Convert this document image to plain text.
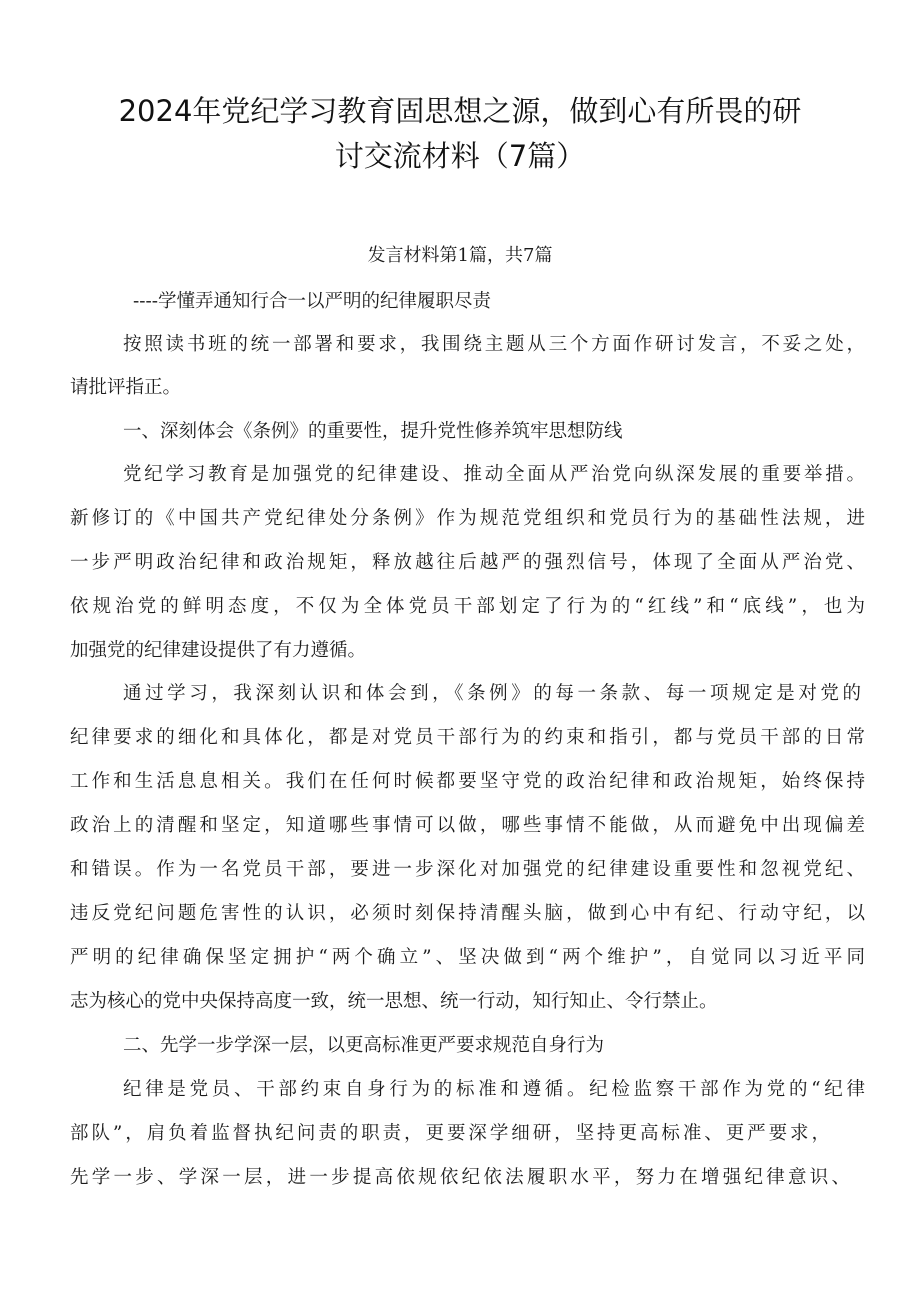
2024年党纪学习教育固思想之源，做到心有所畏的研
讨交流材料（7篇）
发言材料第1篇，共7篇
----学懂弄通知行合一以严明的纪律履职尽责
按照读书班的统一部署和要求，我围绕主题从三个方面作研讨发言，不妥之处，
请批评指正。
一、深刻体会《条例》的重要性，提升党性修养筑牢思想防线
党纪学习教育是加强党的纪律建设、推动全面从严治党向纵深发展的重要举措。
新修订的《中国共产党纪律处分条例》作为规范党组织和党员行为的基础性法规，进
一步严明政治纪律和政治规矩，释放越往后越严的强烈信号，体现了全面从严治党、
依规治党的鲜明态度，不仅为全体党员干部划定了行为的“红线”和“底线”，也为
加强党的纪律建设提供了有力遵循。
通过学习，我深刻认识和体会到，《条例》的每一条款、每一项规定是对党的
纪律要求的细化和具体化，都是对党员干部行为的约束和指引，都与党员干部的日常
工作和生活息息相关。我们在任何时候都要坚守党的政治纪律和政治规矩，始终保持
政治上的清醒和坚定，知道哪些事情可以做，哪些事情不能做，从而避免中出现偏差
和错误。作为一名党员干部，要进一步深化对加强党的纪律建设重要性和忽视党纪、
违反党纪问题危害性的认识，必须时刻保持清醒头脑，做到心中有纪、行动守纪，以
严明的纪律确保坚定拥护“两个确立”、坚决做到“两个维护”，自觉同以习近平同
志为核心的党中央保持高度一致，统一思想、统一行动，知行知止、令行禁止。
二、先学一步学深一层，以更高标准更严要求规范自身行为
纪律是党员、干部约束自身行为的标准和遵循。纪检监察干部作为党的“纪律
部队”，肩负着监督执纪问责的职责，更要深学细研，坚持更高标准、更严要求，
先学一步、学深一层，进一步提高依规依纪依法履职水平，努力在增强纪律意识、
